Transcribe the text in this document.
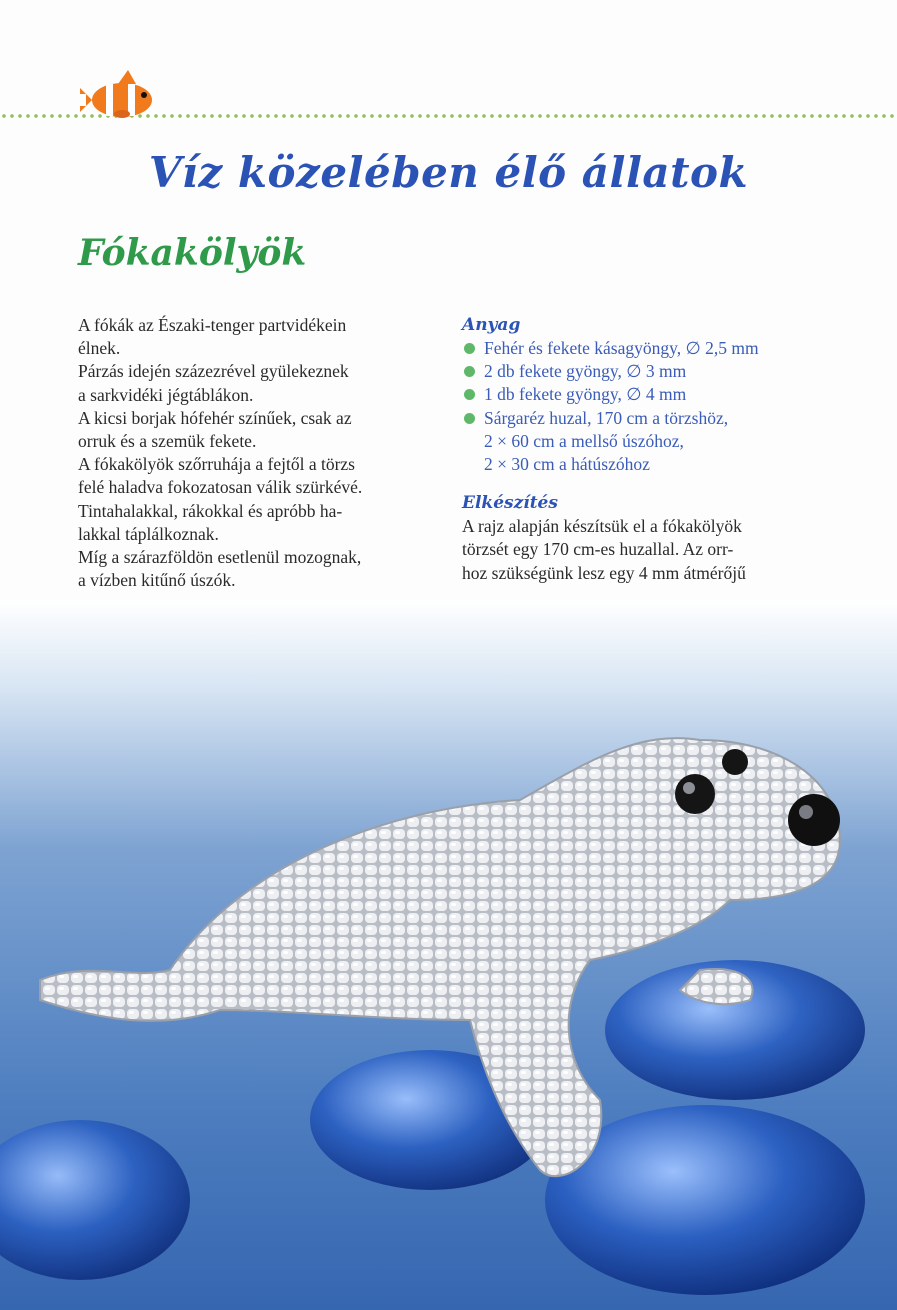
Víz közelében élő állatok
Fókakölyök

A fókák az Északi-tenger partvidékein

élnek.

Párzás idején százezrével gyülekeznek

a sarkvidéki jégtáblákon.

A kicsi borjak hófehér színűek, csak az

orruk és a szemük fekete.

A fókakölyök szőrruhája a fejtől a törzs

felé haladva fokozatosan válik szürkévé.

Tintahalakkal, rákokkal és apróbb ha-

lakkal táplálkoznak.

Míg a szárazföldön esetlenül mozognak,

a vízben kitűnő úszók.

Anyag
Fehér és fekete kásagyöngy, ∅ 2,5 mm
2 db fekete gyöngy, ∅ 3 mm
1 db fekete gyöngy, ∅ 4 mm
Sárgaréz huzal, 170 cm a törzshöz,
2 × 60 cm a mellső úszóhoz,
2 × 30 cm a hátúszóhoz
Elkészítés

A rajz alapján készítsük el a fókakölyök

törzsét egy 170 cm-es huzallal. Az orr-

hoz szükségünk lesz egy 4 mm átmérőjű
